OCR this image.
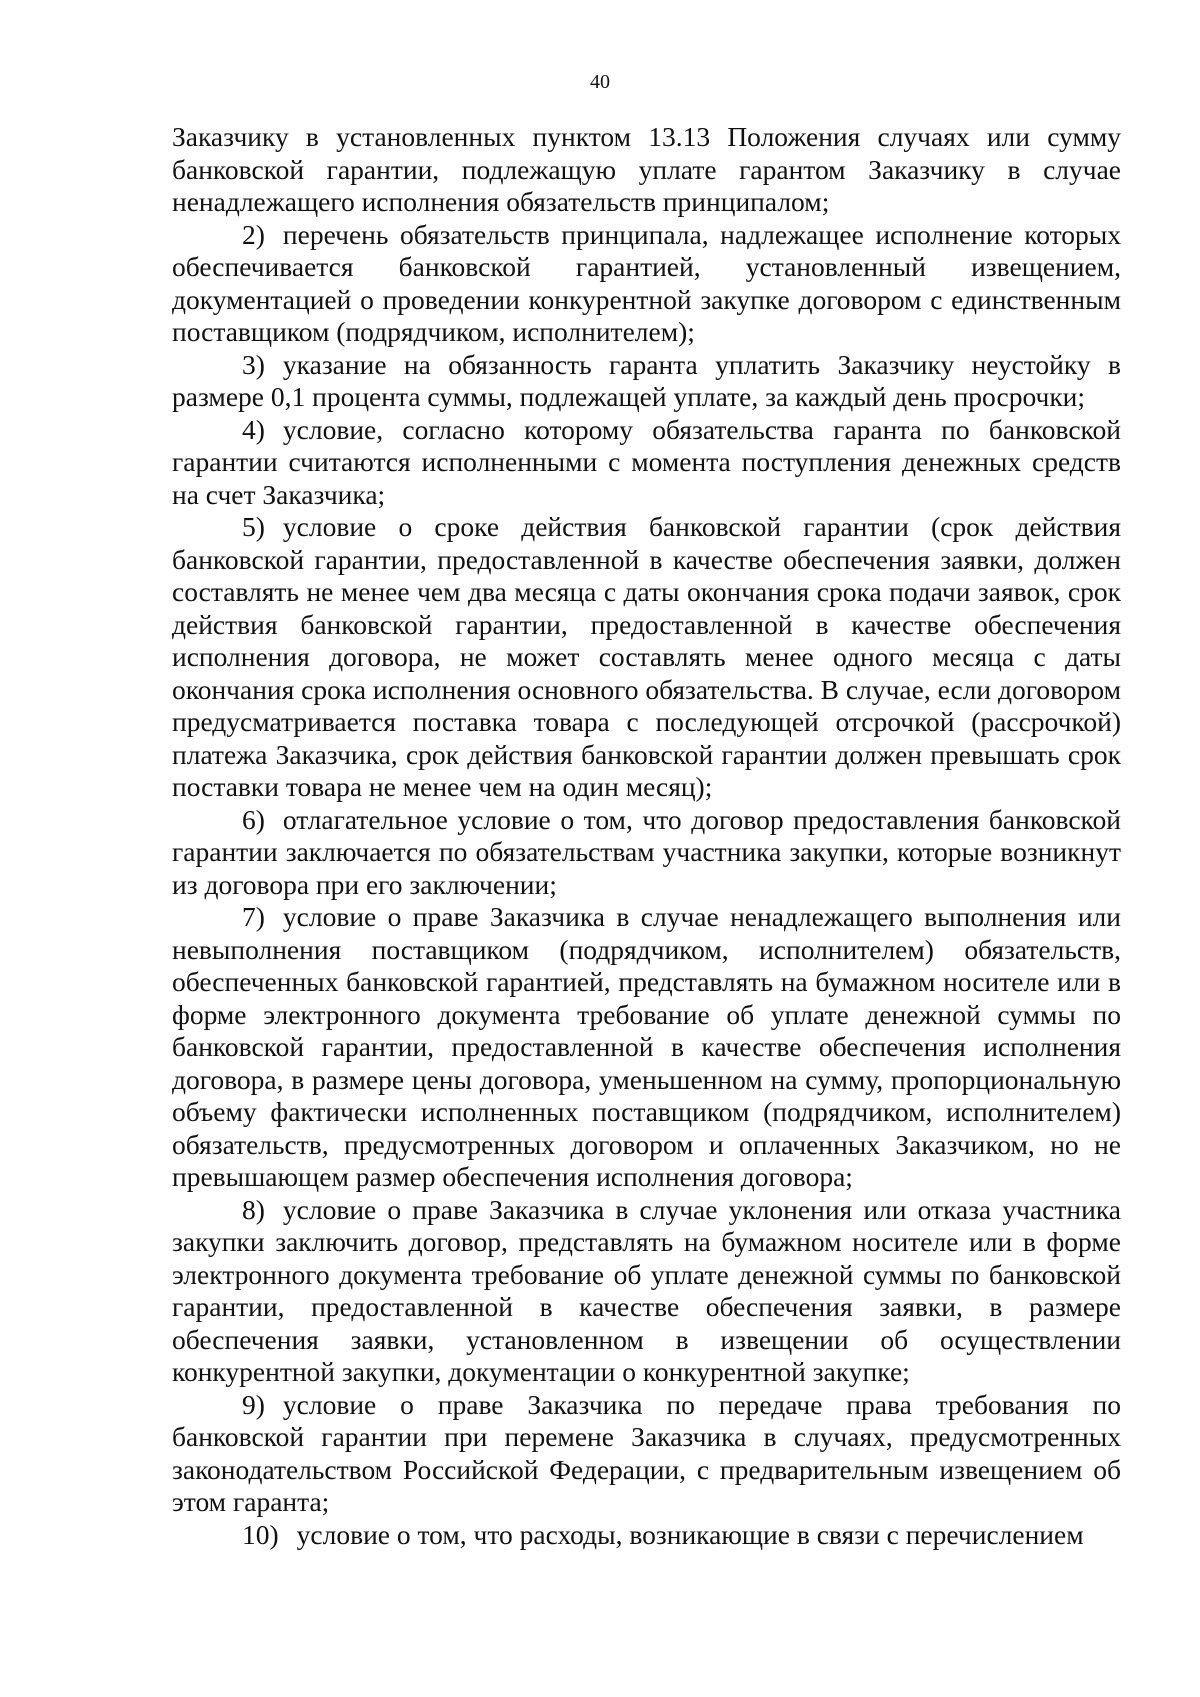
40

Заказчику в установленных пунктом 13.13 Положения случаях или сумму банковской гарантии, подлежащую уплате гарантом Заказчику в случае ненадлежащего исполнения обязательств принципалом;

2) перечень обязательств принципала, надлежащее исполнение которых обеспечивается банковской гарантией, установленный извещением, документацией о проведении конкурентной закупке договором с единственным поставщиком (подрядчиком, исполнителем);

3) указание на обязанность гаранта уплатить Заказчику неустойку в размере 0,1 процента суммы, подлежащей уплате, за каждый день просрочки;

4) условие, согласно которому обязательства гаранта по банковской гарантии считаются исполненными с момента поступления денежных средств на счет Заказчика;

5) условие о сроке действия банковской гарантии (срок действия банковской гарантии, предоставленной в качестве обеспечения заявки, должен составлять не менее чем два месяца с даты окончания срока подачи заявок, срок действия банковской гарантии, предоставленной в качестве обеспечения исполнения договора, не может составлять менее одного месяца с даты окончания срока исполнения основного обязательства. В случае, если договором предусматривается поставка товара с последующей отсрочкой (рассрочкой) платежа Заказчика, срок действия банковской гарантии должен превышать срок поставки товара не менее чем на один месяц);

6) отлагательное условие о том, что договор предоставления банковской гарантии заключается по обязательствам участника закупки, которые возникнут из договора при его заключении;

7) условие о праве Заказчика в случае ненадлежащего выполнения или невыполнения поставщиком (подрядчиком, исполнителем) обязательств, обеспеченных банковской гарантией, представлять на бумажном носителе или в форме электронного документа требование об уплате денежной суммы по банковской гарантии, предоставленной в качестве обеспечения исполнения договора, в размере цены договора, уменьшенном на сумму, пропорциональную объему фактически исполненных поставщиком (подрядчиком, исполнителем) обязательств, предусмотренных договором и оплаченных Заказчиком, но не превышающем размер обеспечения исполнения договора;

8) условие о праве Заказчика в случае уклонения или отказа участника закупки заключить договор, представлять на бумажном носителе или в форме электронного документа требование об уплате денежной суммы по банковской гарантии, предоставленной в качестве обеспечения заявки, в размере обеспечения заявки, установленном в извещении об осуществлении конкурентной закупки, документации о конкурентной закупке;

9) условие о праве Заказчика по передаче права требования по банковской гарантии при перемене Заказчика в случаях, предусмотренных законодательством Российской Федерации, с предварительным извещением об этом гаранта;

10) условие о том, что расходы, возникающие в связи с перечислением
